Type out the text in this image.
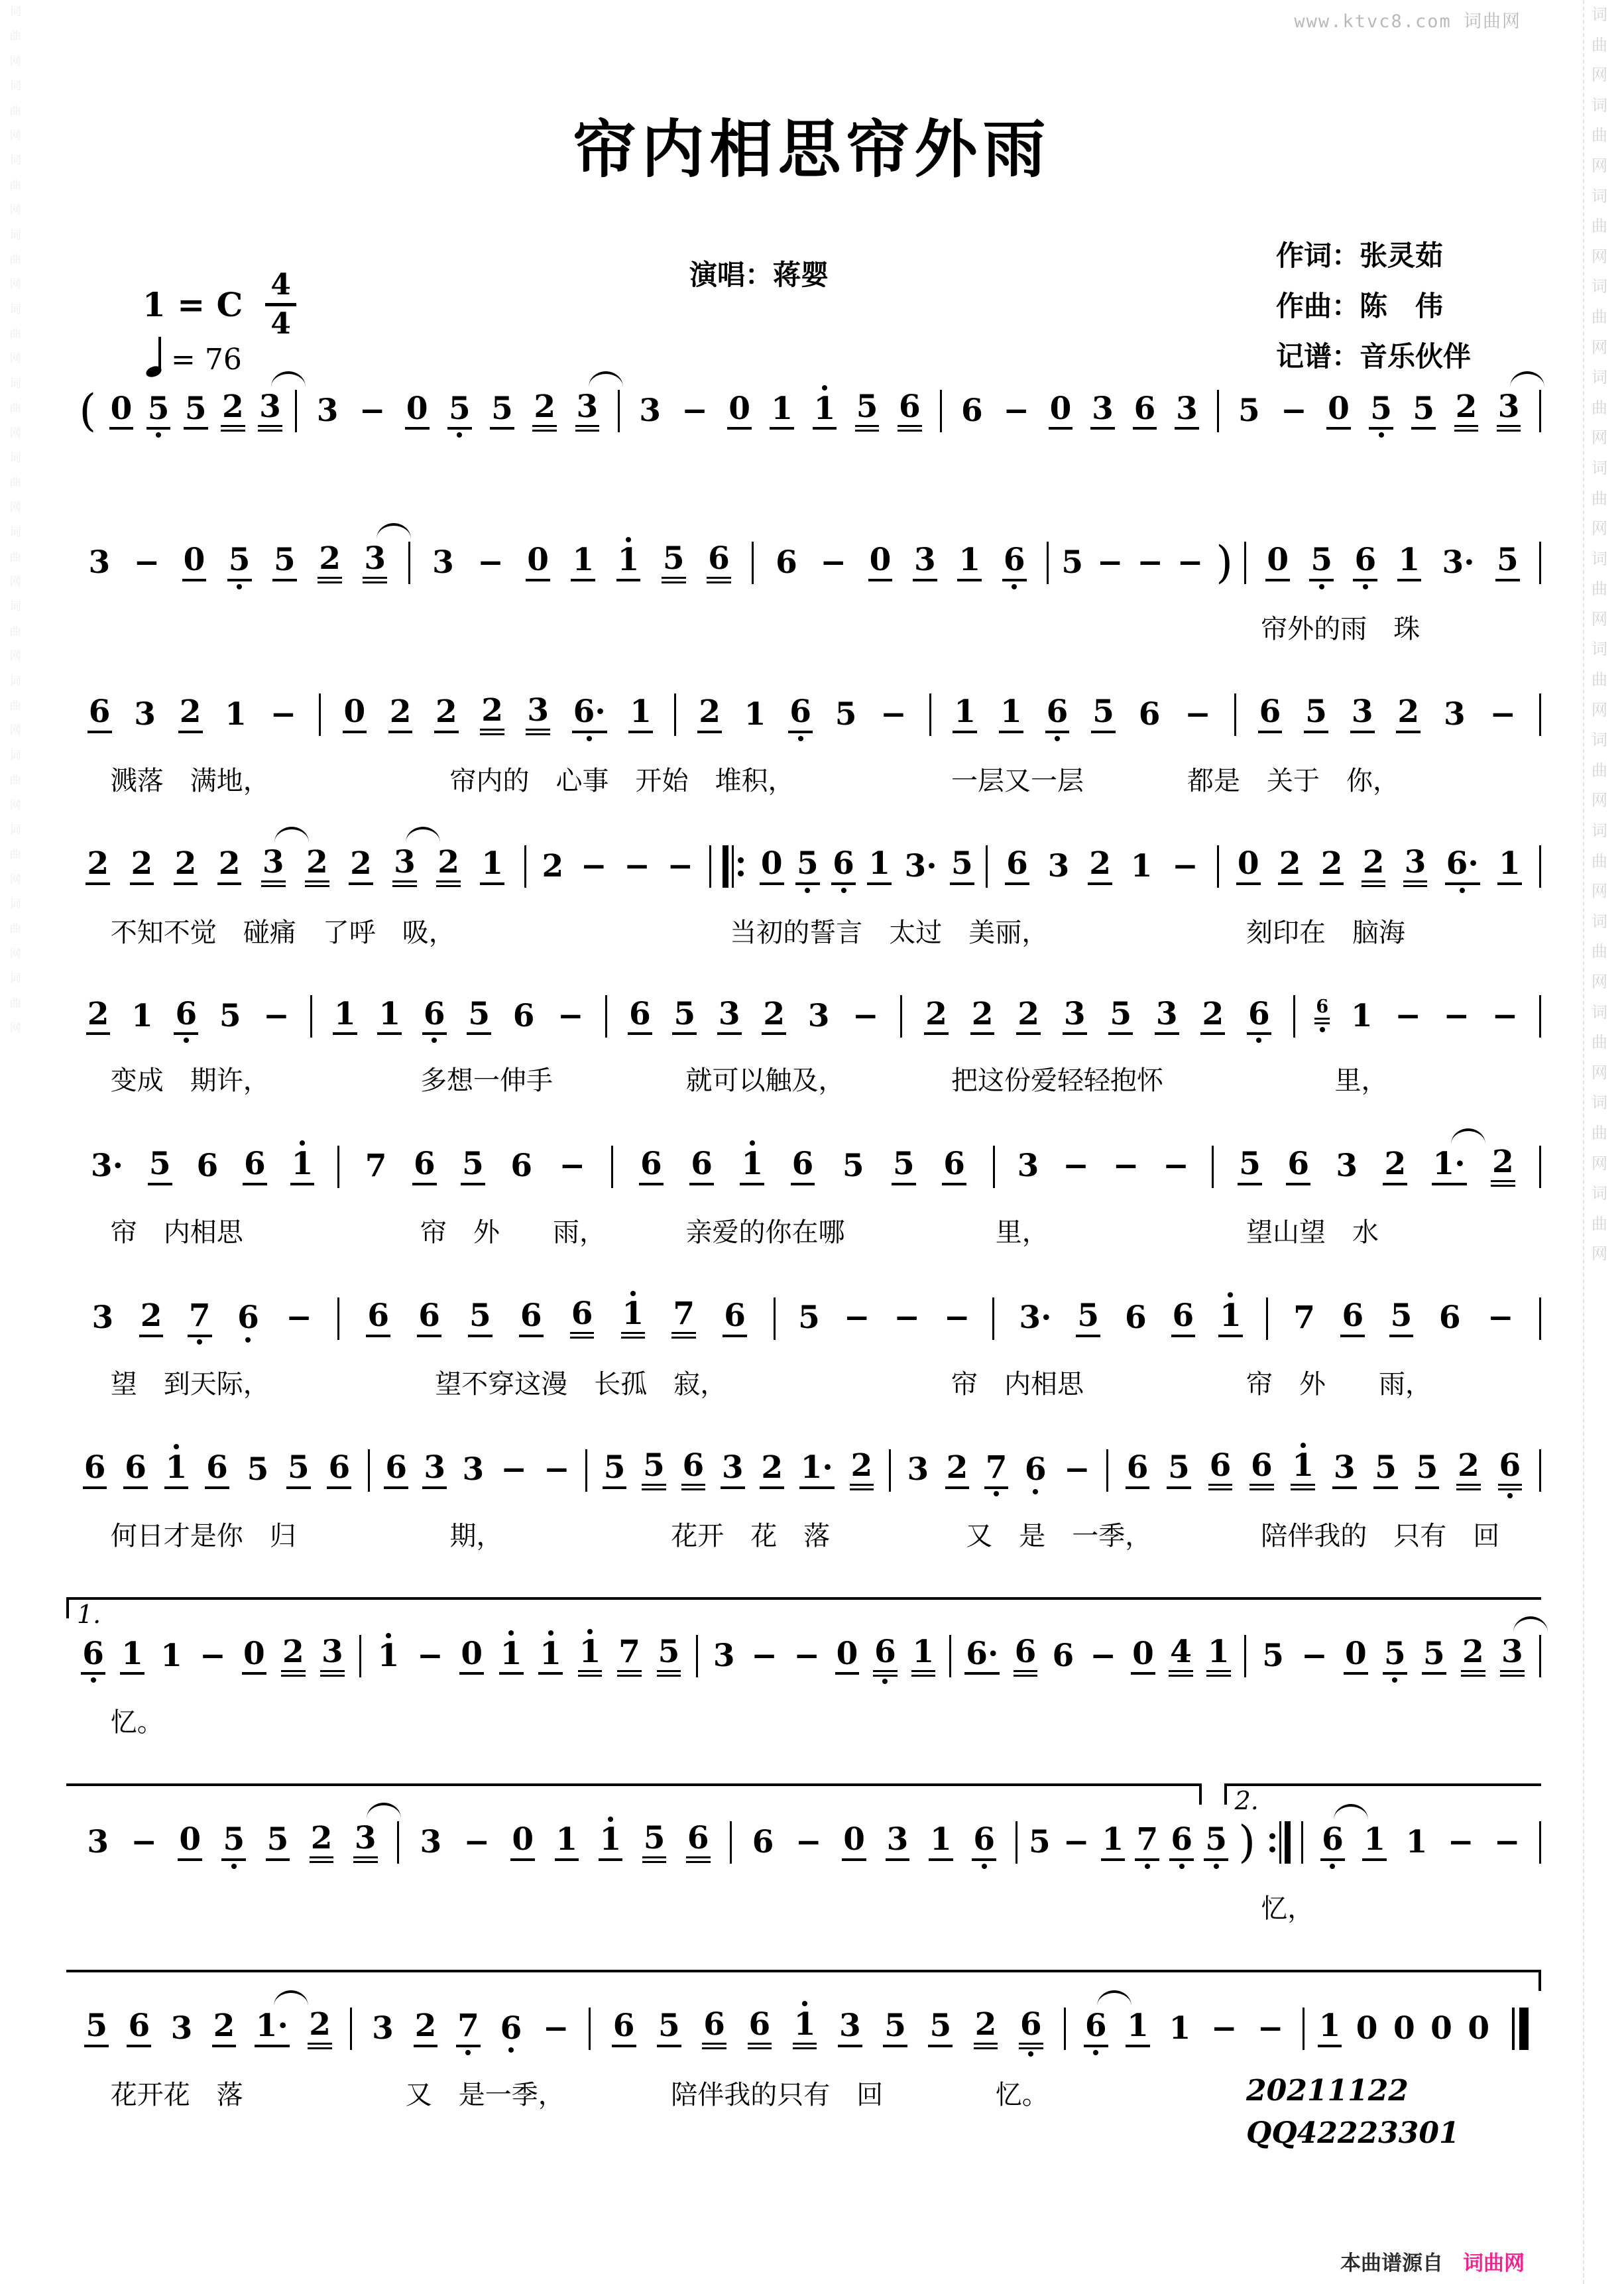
www.ktvc8.com 词曲网
词曲网　词曲网　词曲网　词曲网　词曲网　词曲网　词曲网　词曲网　词曲网　词曲网　词曲网　词曲网　词曲网　词曲网
词曲网　词曲网　词曲网　词曲网　词曲网　词曲网　词曲网　词曲网　词曲网　词曲网　词曲网　词曲网　词曲网　词曲网
帘内相思帘外雨
演唱：蒋婴
作词：张灵茹
作曲：陈　伟
记谱：音乐伙伴
1 = C $\frac{4}{4}$
= 76
( 0 5 5 2 3 3 − 0 5 5 2 3 3 − 0 1 1 5 6 6 − 0 3 6 3 5 − 0 5 5 2 3
3 − 0 5 5 2 3 3 − 0 1 1 5 6 6 − 0 3 1 6 5 − − − ) 0 5 6 1 3· 5
帘外的雨　珠
6 3 2 1 − 0 2 2 2 3 6· 1 2 1 6 5 − 1 1 6 5 6 − 6 5 3 2 3 −
溅落　满地，	帘内的　心事　开始　堆积，	一层又一层	都是　关于　你，
2 2 2 2 3 2 2 3 2 1 2 − − − 0 5 6 1 3· 5 6 3 2 1 − 0 2 2 2 3 6· 1
不知不觉　碰痛　了呼　吸，	当初的誓言　太过　美丽，	刻印在　脑海
2 1 6 5 − 1 1 6 5 6 − 6 5 3 2 3 − 2 2 2 3 5 3 2 6	6 1 − − −
变成　期许，	多想一伸手	就可以触及，	把这份爱轻轻抱怀	里，
3· 5 6 6 1 7 6 5 6 − 6 6 1 6 5 5 6 3 − − − 5 6 3 2 1· 2
帘　内相思	帘　外　　雨，	亲爱的你在哪	里，	望山望　水
3 2 7 6 − 6 6 5 6 6 1 7 6 5 − − − 3· 5 6 6 1 7 6 5 6 −
望　到天际，	望不穿这漫　长孤　寂，	帘　内相思	帘　外　　雨，
6 6 1 6 5 5 6 6 3 3 − − 5 5 6 3 2 1· 2 3 2 7 6 − 6 5 6 6 1 3 5 5 2 6
何日才是你　归	期，	花开　花　落	又　是　一季，	陪伴我的　只有　回
1.
6 1 1 − 0 2 3 1 − 0 1 1 1 7 5 3 − − 0 6 1 6· 6 6 − 0 4 1 5 − 0 5 5 2 3
忆。
2.
3 − 0 5 5 2 3 3 − 0 1 1 5 6 6 − 0 3 1 6 5 − 1 7 6 5 ) 6 1 1 − −
忆，
5 6 3 2 1· 2 3 2 7 6 − 6 5 6 6 1 3 5 5 2 6 6 1 1 − − 1 0 0 0 0
花开花　落	又　是一季，	陪伴我的只有　回	忆。	20211122
QQ42223301
本曲谱源自 词曲网
